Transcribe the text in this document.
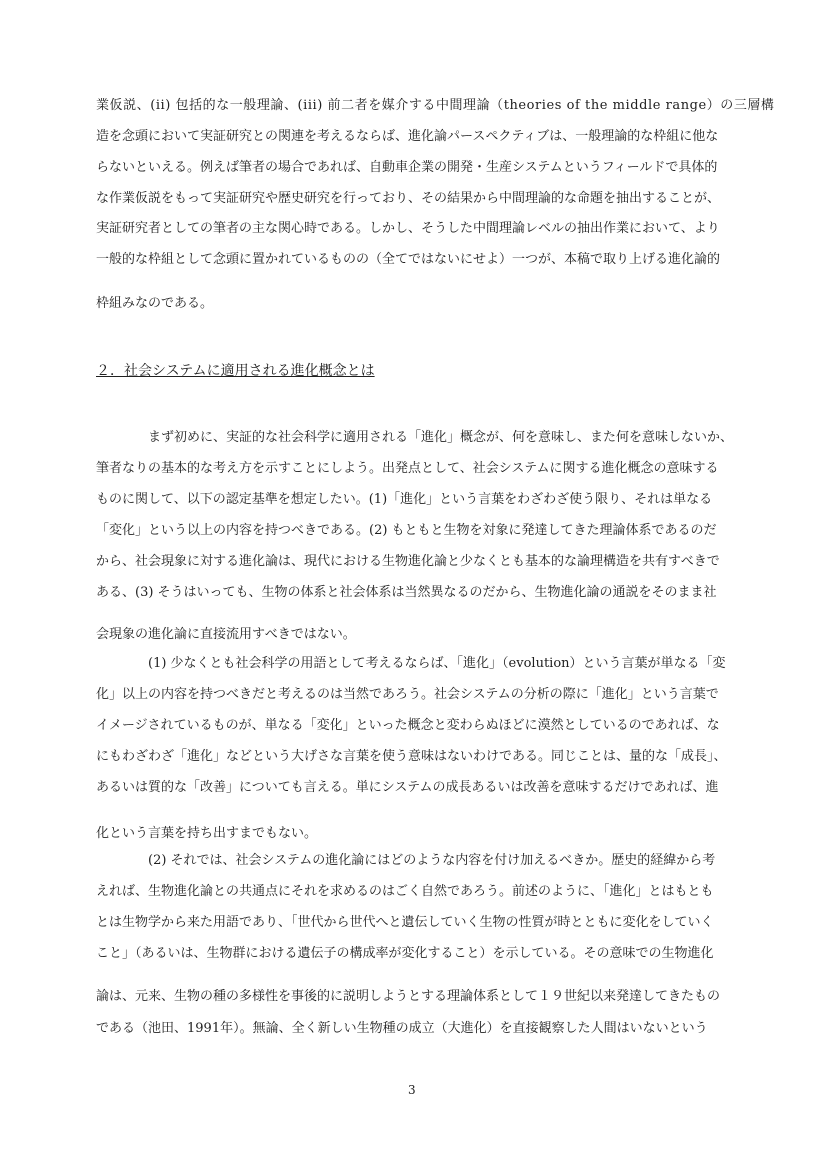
業仮説、(ii) 包括的な一般理論、(iii) 前二者を媒介する中間理論（theories of the middle range）の三層構

造を念頭において実証研究との関連を考えるならば、進化論パースペクティブは、一般理論的な枠組に他な

らないといえる。例えば筆者の場合であれば、自動車企業の開発・生産システムというフィールドで具体的

な作業仮説をもって実証研究や歴史研究を行っており、その結果から中間理論的な命題を抽出することが、

実証研究者としての筆者の主な関心時である。しかし、そうした中間理論レベルの抽出作業において、より

一般的な枠組として念頭に置かれているものの（全てではないにせよ）一つが、本稿で取り上げる進化論的

枠組みなのである。

２．社会システムに適用される進化概念とは

まず初めに、実証的な社会科学に適用される「進化」概念が、何を意味し、また何を意味しないか、

筆者なりの基本的な考え方を示すことにしよう。出発点として、社会システムに関する進化概念の意味する

ものに関して、以下の認定基準を想定したい。(1)「進化」という言葉をわざわざ使う限り、それは単なる

「変化」という以上の内容を持つべきである。(2) もともと生物を対象に発達してきた理論体系であるのだ

から、社会現象に対する進化論は、現代における生物進化論と少なくとも基本的な論理構造を共有すべきで

ある、(3) そうはいっても、生物の体系と社会体系は当然異なるのだから、生物進化論の通説をそのまま社

会現象の進化論に直接流用すべきではない。

(1) 少なくとも社会科学の用語として考えるならば、「進化」（evolution）という言葉が単なる「変

化」以上の内容を持つべきだと考えるのは当然であろう。社会システムの分析の際に「進化」という言葉で

イメージされているものが、単なる「変化」といった概念と変わらぬほどに漠然としているのであれば、な

にもわざわざ「進化」などという大げさな言葉を使う意味はないわけである。同じことは、量的な「成長」、

あるいは質的な「改善」についても言える。単にシステムの成長あるいは改善を意味するだけであれば、進

化という言葉を持ち出すまでもない。

(2) それでは、社会システムの進化論にはどのような内容を付け加えるべきか。歴史的経緯から考

えれば、生物進化論との共通点にそれを求めるのはごく自然であろう。前述のように、「進化」とはもとも

とは生物学から来た用語であり、「世代から世代へと遺伝していく生物の性質が時とともに変化をしていく

こと」（あるいは、生物群における遺伝子の構成率が変化すること）を示している。その意味での生物進化

論は、元来、生物の種の多様性を事後的に説明しようとする理論体系として１９世紀以来発達してきたもの

である（池田、1991年）。無論、全く新しい生物種の成立（大進化）を直接観察した人間はいないという

3
